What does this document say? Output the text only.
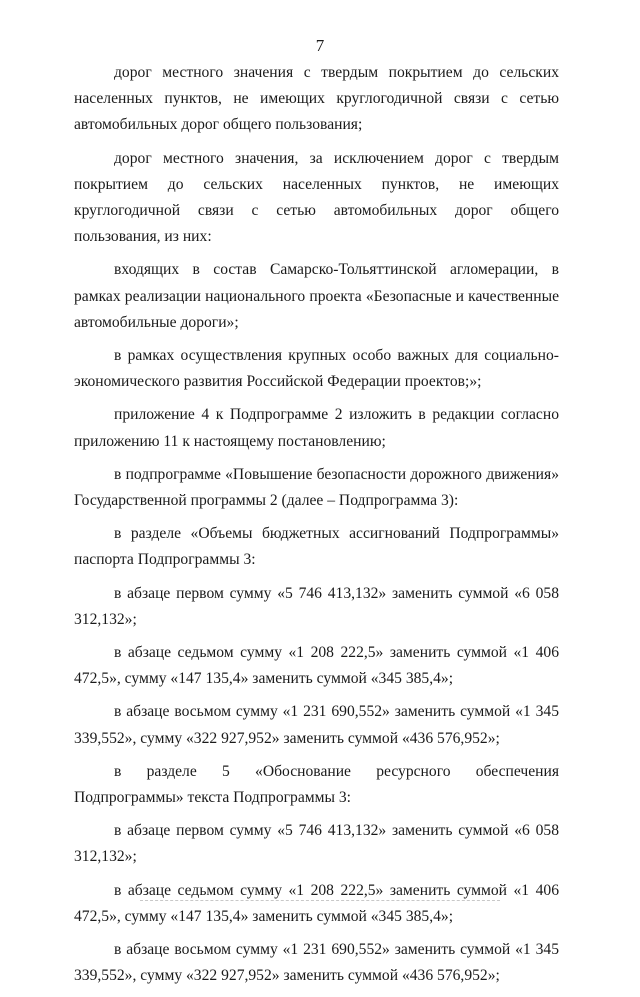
7

дорог местного значения с твердым покрытием до сельских населенных пунктов, не имеющих круглогодичной связи с сетью автомобильных дорог общего пользования;

дорог местного значения, за исключением дорог с твердым покрытием до сельских населенных пунктов, не имеющих круглогодичной связи с сетью автомобильных дорог общего пользования, из них:

входящих в состав Самарско-Тольяттинской агломерации, в рамках реализации национального проекта «Безопасные и качественные автомобильные дороги»;

в рамках осуществления крупных особо важных для социально-экономического развития Российской Федерации проектов;»;

приложение 4 к Подпрограмме 2 изложить в редакции согласно приложению 11 к настоящему постановлению;

в подпрограмме «Повышение безопасности дорожного движения» Государственной программы 2 (далее – Подпрограмма 3):

в разделе «Объемы бюджетных ассигнований Подпрограммы» паспорта Подпрограммы 3:

в абзаце первом сумму «5 746 413,132» заменить суммой «6 058 312,132»;

в абзаце седьмом сумму «1 208 222,5» заменить суммой «1 406 472,5», сумму «147 135,4» заменить суммой «345 385,4»;

в абзаце восьмом сумму «1 231 690,552» заменить суммой «1 345 339,552», сумму «322 927,952» заменить суммой «436 576,952»;

в разделе 5 «Обоснование ресурсного обеспечения Подпрограммы» текста Подпрограммы 3:

в абзаце первом сумму «5 746 413,132» заменить суммой «6 058 312,132»;

в абзаце седьмом сумму «1 208 222,5» заменить суммой «1 406 472,5», сумму «147 135,4» заменить суммой «345 385,4»;

в абзаце восьмом сумму «1 231 690,552» заменить суммой «1 345 339,552», сумму «322 927,952» заменить суммой «436 576,952»;
